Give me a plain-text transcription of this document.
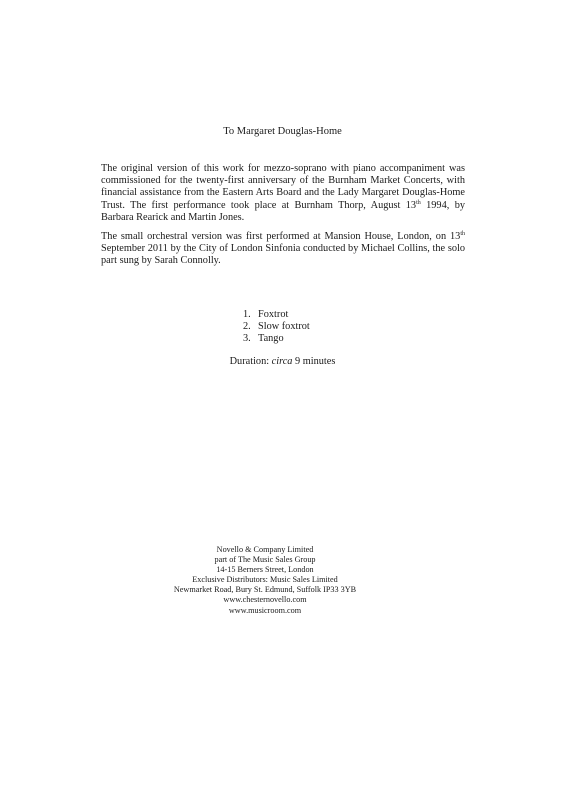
To Margaret Douglas-Home

The original version of this work for mezzo-soprano with piano accompaniment was commissioned for the twenty-first anniversary of the Burnham Market Concerts, with financial assistance from the Eastern Arts Board and the Lady Margaret Douglas-Home Trust. The first performance took place at Burnham Thorp, August 13th 1994, by Barbara Rearick and Martin Jones.

The small orchestral version was first performed at Mansion House, London, on 13th September 2011 by the City of London Sinfonia conducted by Michael Collins, the solo part sung by Sarah Connolly.

1. Foxtrot
2. Slow foxtrot
3. Tango
Duration: circa 9 minutes
Novello & Company Limited
part of The Music Sales Group
14-15 Berners Street, London
Exclusive Distributors: Music Sales Limited
Newmarket Road, Bury St. Edmund, Suffolk IP33 3YB
www.chesternovello.com
www.musicroom.com
